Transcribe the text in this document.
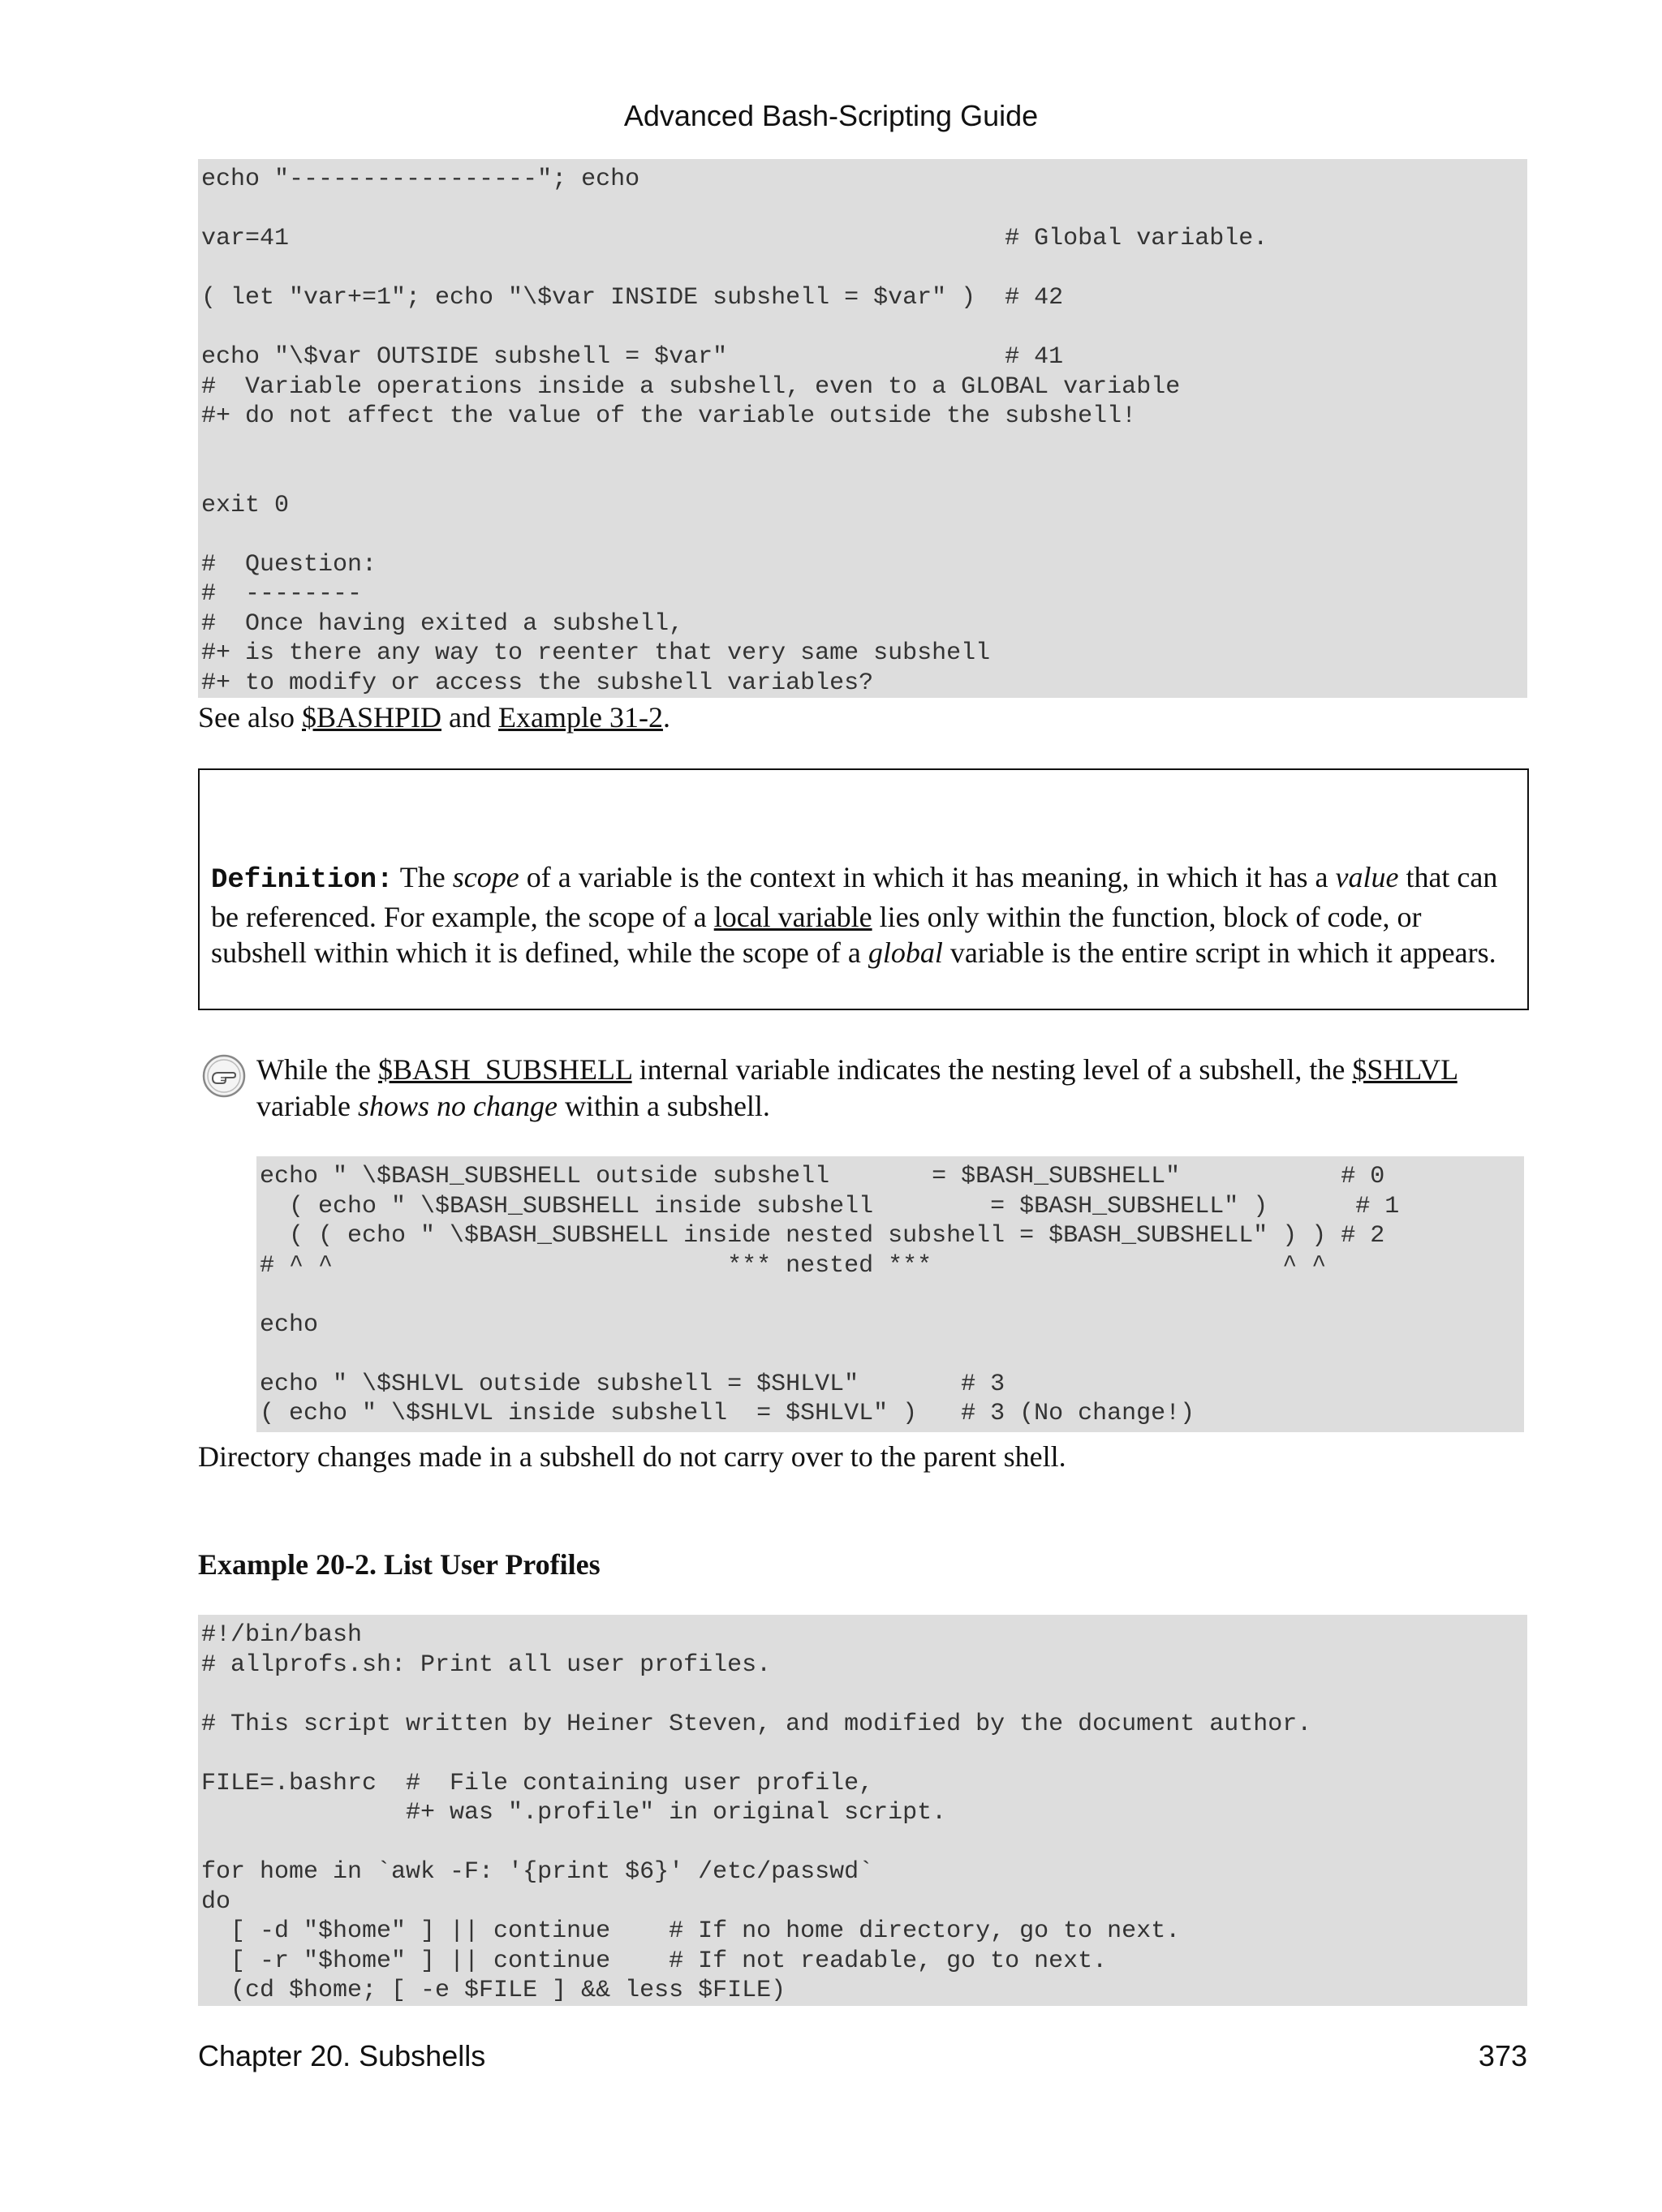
Advanced Bash-Scripting Guide
echo "-----------------"; echo

var=41                                                 # Global variable.

( let "var+=1"; echo "\$var INSIDE subshell = $var" )  # 42

echo "\$var OUTSIDE subshell = $var"                   # 41
#  Variable operations inside a subshell, even to a GLOBAL variable
#+ do not affect the value of the variable outside the subshell!

exit 0

#  Question:
#  --------
#  Once having exited a subshell,
#+ is there any way to reenter that very same subshell
#+ to modify or access the subshell variables?
See also $BASHPID and Example 31-2.
Definition: The scope of a variable is the context in which it has meaning, in which it has a value that can be referenced. For example, the scope of a local variable lies only within the function, block of code, or subshell within which it is defined, while the scope of a global variable is the entire script in which it appears.
While the $BASH_SUBSHELL internal variable indicates the nesting level of a subshell, the $SHLVL variable shows no change within a subshell.
echo " \$BASH_SUBSHELL outside subshell       = $BASH_SUBSHELL"           # 0
( echo " \$BASH_SUBSHELL inside subshell        = $BASH_SUBSHELL" )      # 1
( ( echo " \$BASH_SUBSHELL inside nested subshell = $BASH_SUBSHELL" ) ) # 2
# ^ ^                           *** nested ***                        ^ ^

echo

echo " \$SHLVL outside subshell = $SHLVL"       # 3
( echo " \$SHLVL inside subshell  = $SHLVL" )   # 3 (No change!)
Directory changes made in a subshell do not carry over to the parent shell.
Example 20-2. List User Profiles
#!/bin/bash
# allprofs.sh: Print all user profiles.

# This script written by Heiner Steven, and modified by the document author.

FILE=.bashrc  #  File containing user profile,
#+ was ".profile" in original script.

for home in `awk -F: '{print $6}' /etc/passwd`
do
[ -d "$home" ] || continue    # If no home directory, go to next.
[ -r "$home" ] || continue    # If not readable, go to next.
(cd $home; [ -e $FILE ] && less $FILE)
Chapter 20. Subshells	373
